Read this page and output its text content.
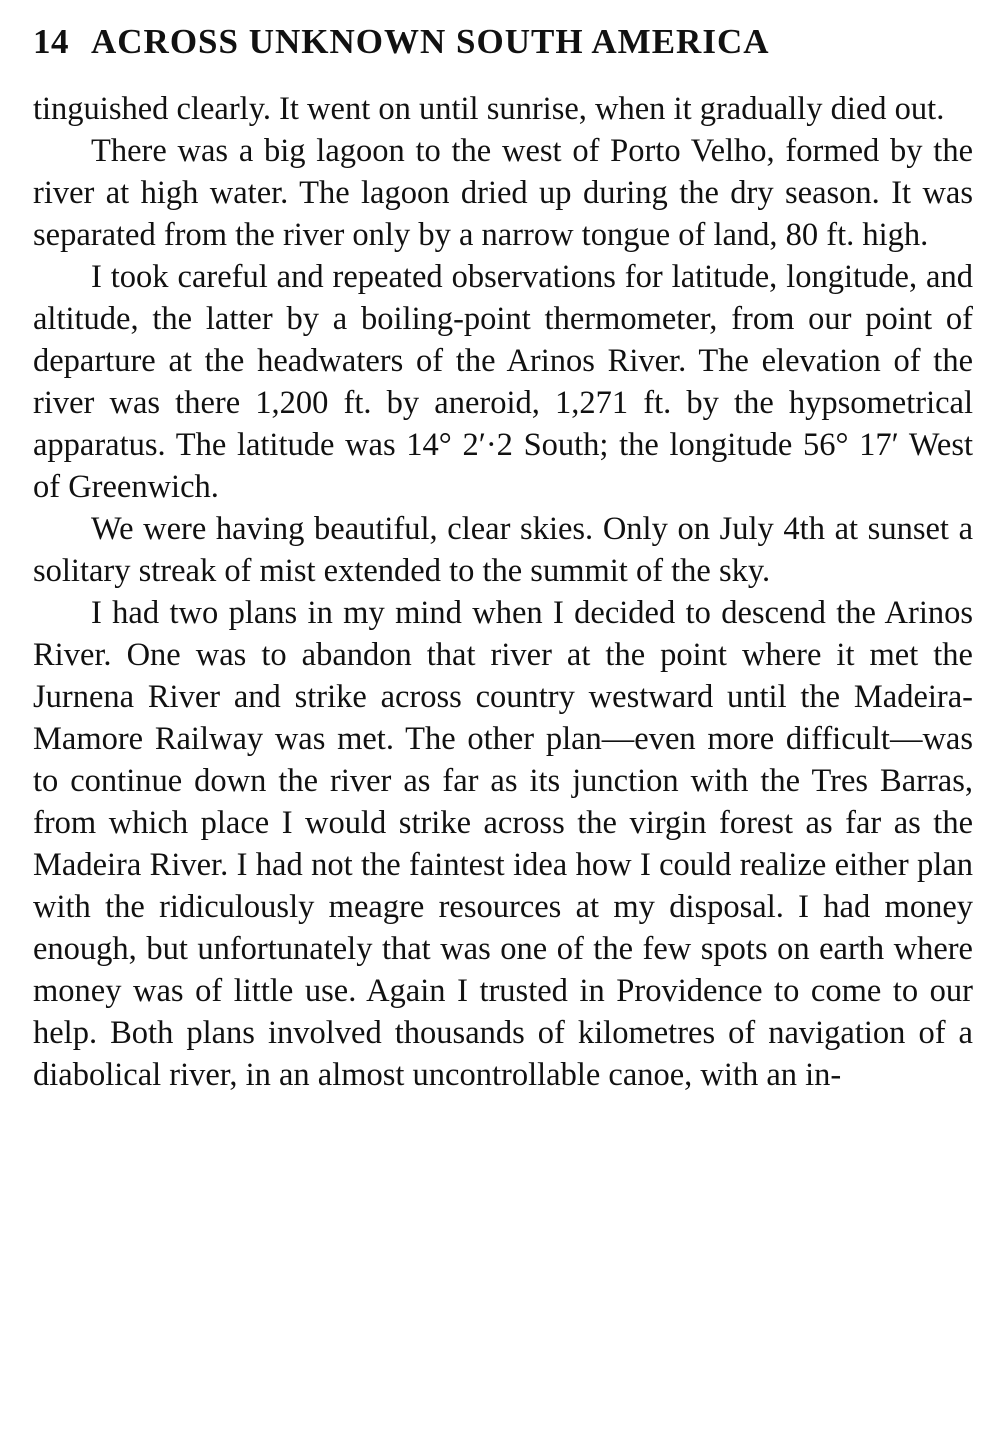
14 ACROSS UNKNOWN SOUTH AMERICA

tinguished clearly. It went on until sunrise, when it gradually died out.

There was a big lagoon to the west of Porto Velho, formed by the river at high water. The lagoon dried up during the dry season. It was separated from the river only by a narrow tongue of land, 80 ft. high.

I took careful and repeated observations for latitude, longitude, and altitude, the latter by a boiling-point thermometer, from our point of departure at the headwaters of the Arinos River. The elevation of the river was there 1,200 ft. by aneroid, 1,271 ft. by the hypsometrical apparatus. The latitude was 14° 2′·2 South; the longitude 56° 17′ West of Greenwich.

We were having beautiful, clear skies. Only on July 4th at sunset a solitary streak of mist extended to the summit of the sky.

I had two plans in my mind when I decided to descend the Arinos River. One was to abandon that river at the point where it met the Jurnena River and strike across country westward until the Madeira-Mamore Railway was met. The other plan—even more difficult—was to continue down the river as far as its junction with the Tres Barras, from which place I would strike across the virgin forest as far as the Madeira River. I had not the faintest idea how I could realize either plan with the ridiculously meagre resources at my disposal. I had money enough, but unfortunately that was one of the few spots on earth where money was of little use. Again I trusted in Providence to come to our help. Both plans involved thousands of kilometres of navigation of a diabolical river, in an almost uncontrollable canoe, with an in-
